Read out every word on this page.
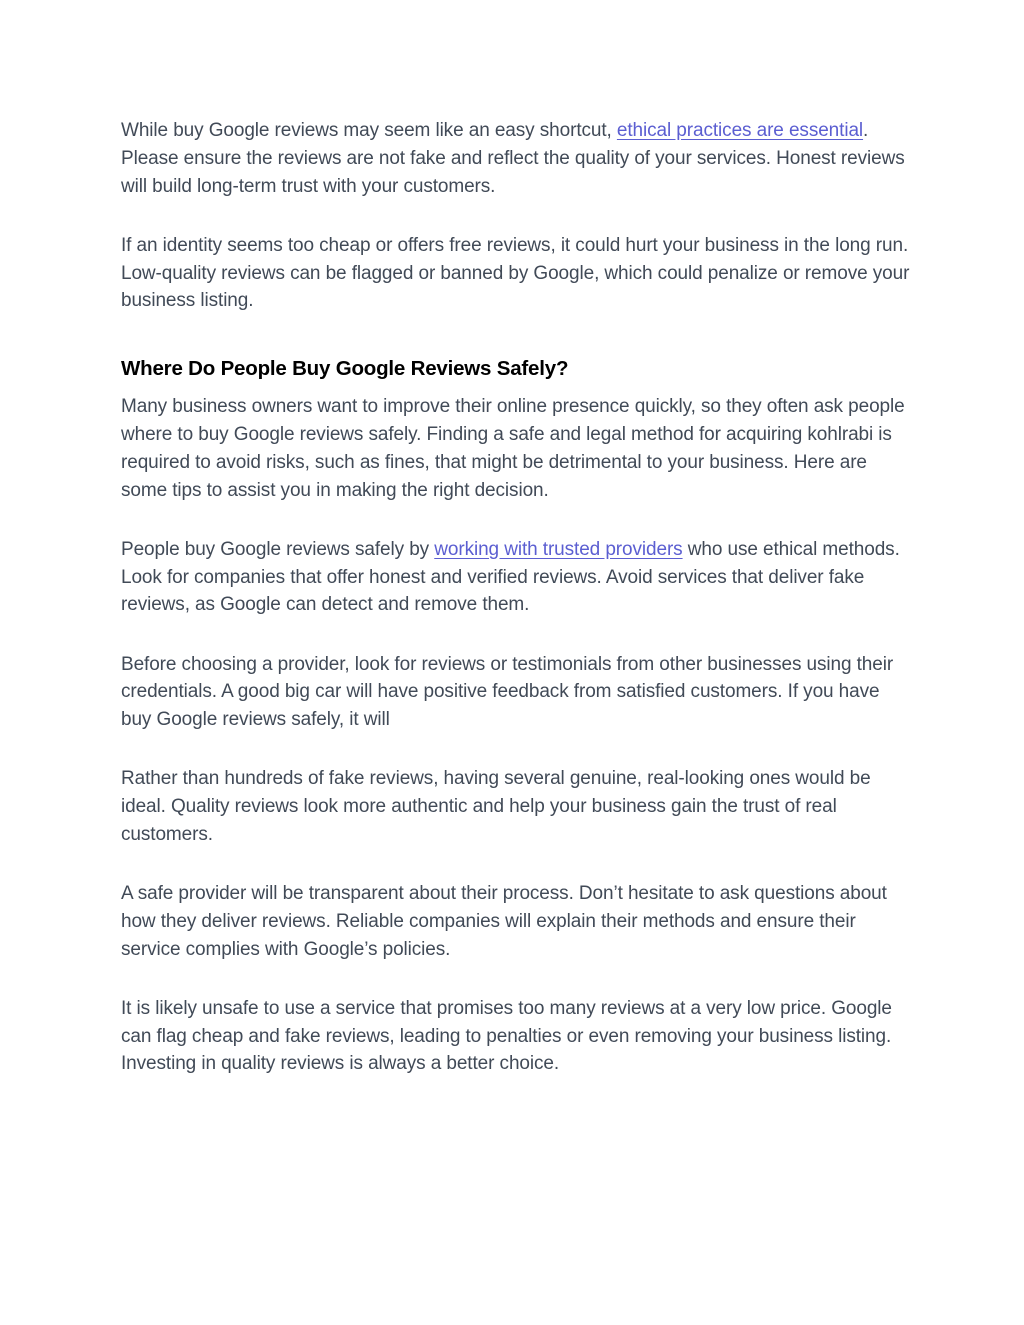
While buy Google reviews may seem like an easy shortcut, ethical practices are essential. Please ensure the reviews are not fake and reflect the quality of your services. Honest reviews will build long-term trust with your customers.

If an identity seems too cheap or offers free reviews, it could hurt your business in the long run. Low-quality reviews can be flagged or banned by Google, which could penalize or remove your business listing.

Where Do People Buy Google Reviews Safely?

Many business owners want to improve their online presence quickly, so they often ask people where to buy Google reviews safely. Finding a safe and legal method for acquiring kohlrabi is required to avoid risks, such as fines, that might be detrimental to your business. Here are some tips to assist you in making the right decision.

People buy Google reviews safely by working with trusted providers who use ethical methods. Look for companies that offer honest and verified reviews. Avoid services that deliver fake reviews, as Google can detect and remove them.

Before choosing a provider, look for reviews or testimonials from other businesses using their credentials. A good big car will have positive feedback from satisfied customers. If you have buy Google reviews safely, it will

Rather than hundreds of fake reviews, having several genuine, real-looking ones would be ideal. Quality reviews look more authentic and help your business gain the trust of real customers.

A safe provider will be transparent about their process. Don’t hesitate to ask questions about how they deliver reviews. Reliable companies will explain their methods and ensure their service complies with Google’s policies.

It is likely unsafe to use a service that promises too many reviews at a very low price. Google can flag cheap and fake reviews, leading to penalties or even removing your business listing. Investing in quality reviews is always a better choice.
